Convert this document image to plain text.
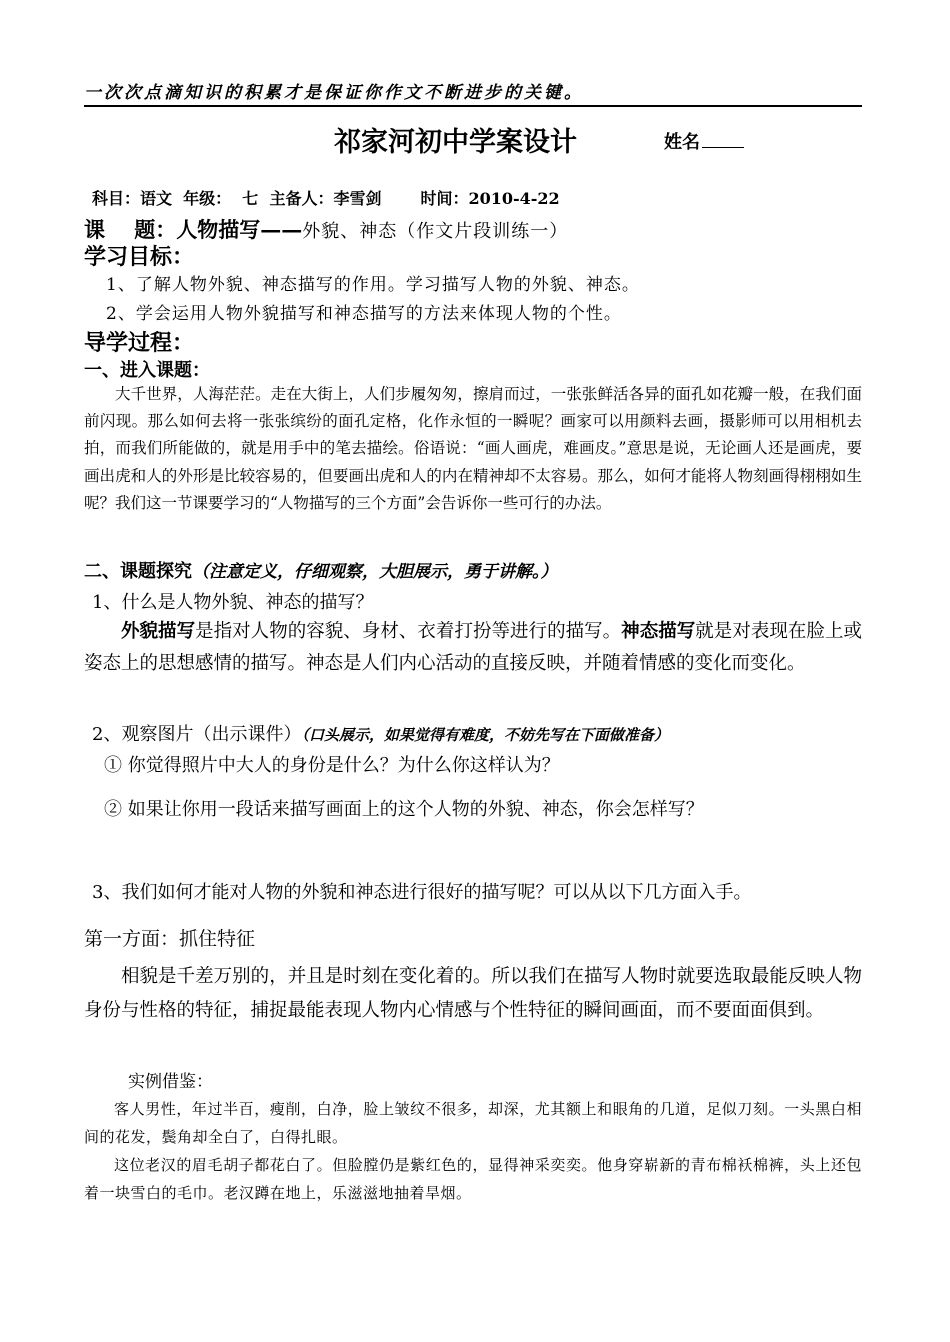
一次次点滴知识的积累才是保证你作文不断进步的关键。
祁家河初中学案设计	姓名
科目：语文 年级：  七 主备人：李雪剑 时间：2010-4-22
课    题：人物描写——外貌、神态（作文片段训练一）
学习目标：
1、了解人物外貌、神态描写的作用。学习描写人物的外貌、神态。
2、学会运用人物外貌描写和神态描写的方法来体现人物的个性。
导学过程：
一、进入课题：
大千世界，人海茫茫。走在大街上，人们步履匆匆，擦肩而过，一张张鲜活各异的面孔如花瓣一般，在我们面前闪现。那么如何去将一张张缤纷的面孔定格，化作永恒的一瞬呢？画家可以用颜料去画，摄影师可以用相机去拍，而我们所能做的，就是用手中的笔去描绘。俗语说：“画人画虎，难画皮。”意思是说，无论画人还是画虎，要画出虎和人的外形是比较容易的，但要画出虎和人的内在精神却不太容易。那么，如何才能将人物刻画得栩栩如生呢？我们这一节课要学习的“人物描写的三个方面”会告诉你一些可行的办法。
二、课题探究（注意定义，仔细观察，大胆展示，勇于讲解。）
1、什么是人物外貌、神态的描写？
外貌描写是指对人物的容貌、身材、衣着打扮等进行的描写。神态描写就是对表现在脸上或姿态上的思想感情的描写。神态是人们内心活动的直接反映，并随着情感的变化而变化。
2、观察图片（出示课件）（口头展示，如果觉得有难度，不妨先写在下面做准备）
① 你觉得照片中大人的身份是什么？为什么你这样认为？
② 如果让你用一段话来描写画面上的这个人物的外貌、神态，你会怎样写？
3、我们如何才能对人物的外貌和神态进行很好的描写呢？可以从以下几方面入手。
第一方面：抓住特征
相貌是千差万别的，并且是时刻在变化着的。所以我们在描写人物时就要选取最能反映人物身份与性格的特征，捕捉最能表现人物内心情感与个性特征的瞬间画面，而不要面面俱到。
实例借鉴：
客人男性，年过半百，瘦削，白净，脸上皱纹不很多，却深，尤其额上和眼角的几道，足似刀刻。一头黑白相间的花发，鬓角却全白了，白得扎眼。
这位老汉的眉毛胡子都花白了。但脸膛仍是紫红色的，显得神采奕奕。他身穿崭新的青布棉袄棉裤，头上还包着一块雪白的毛巾。老汉蹲在地上，乐滋滋地抽着旱烟。
